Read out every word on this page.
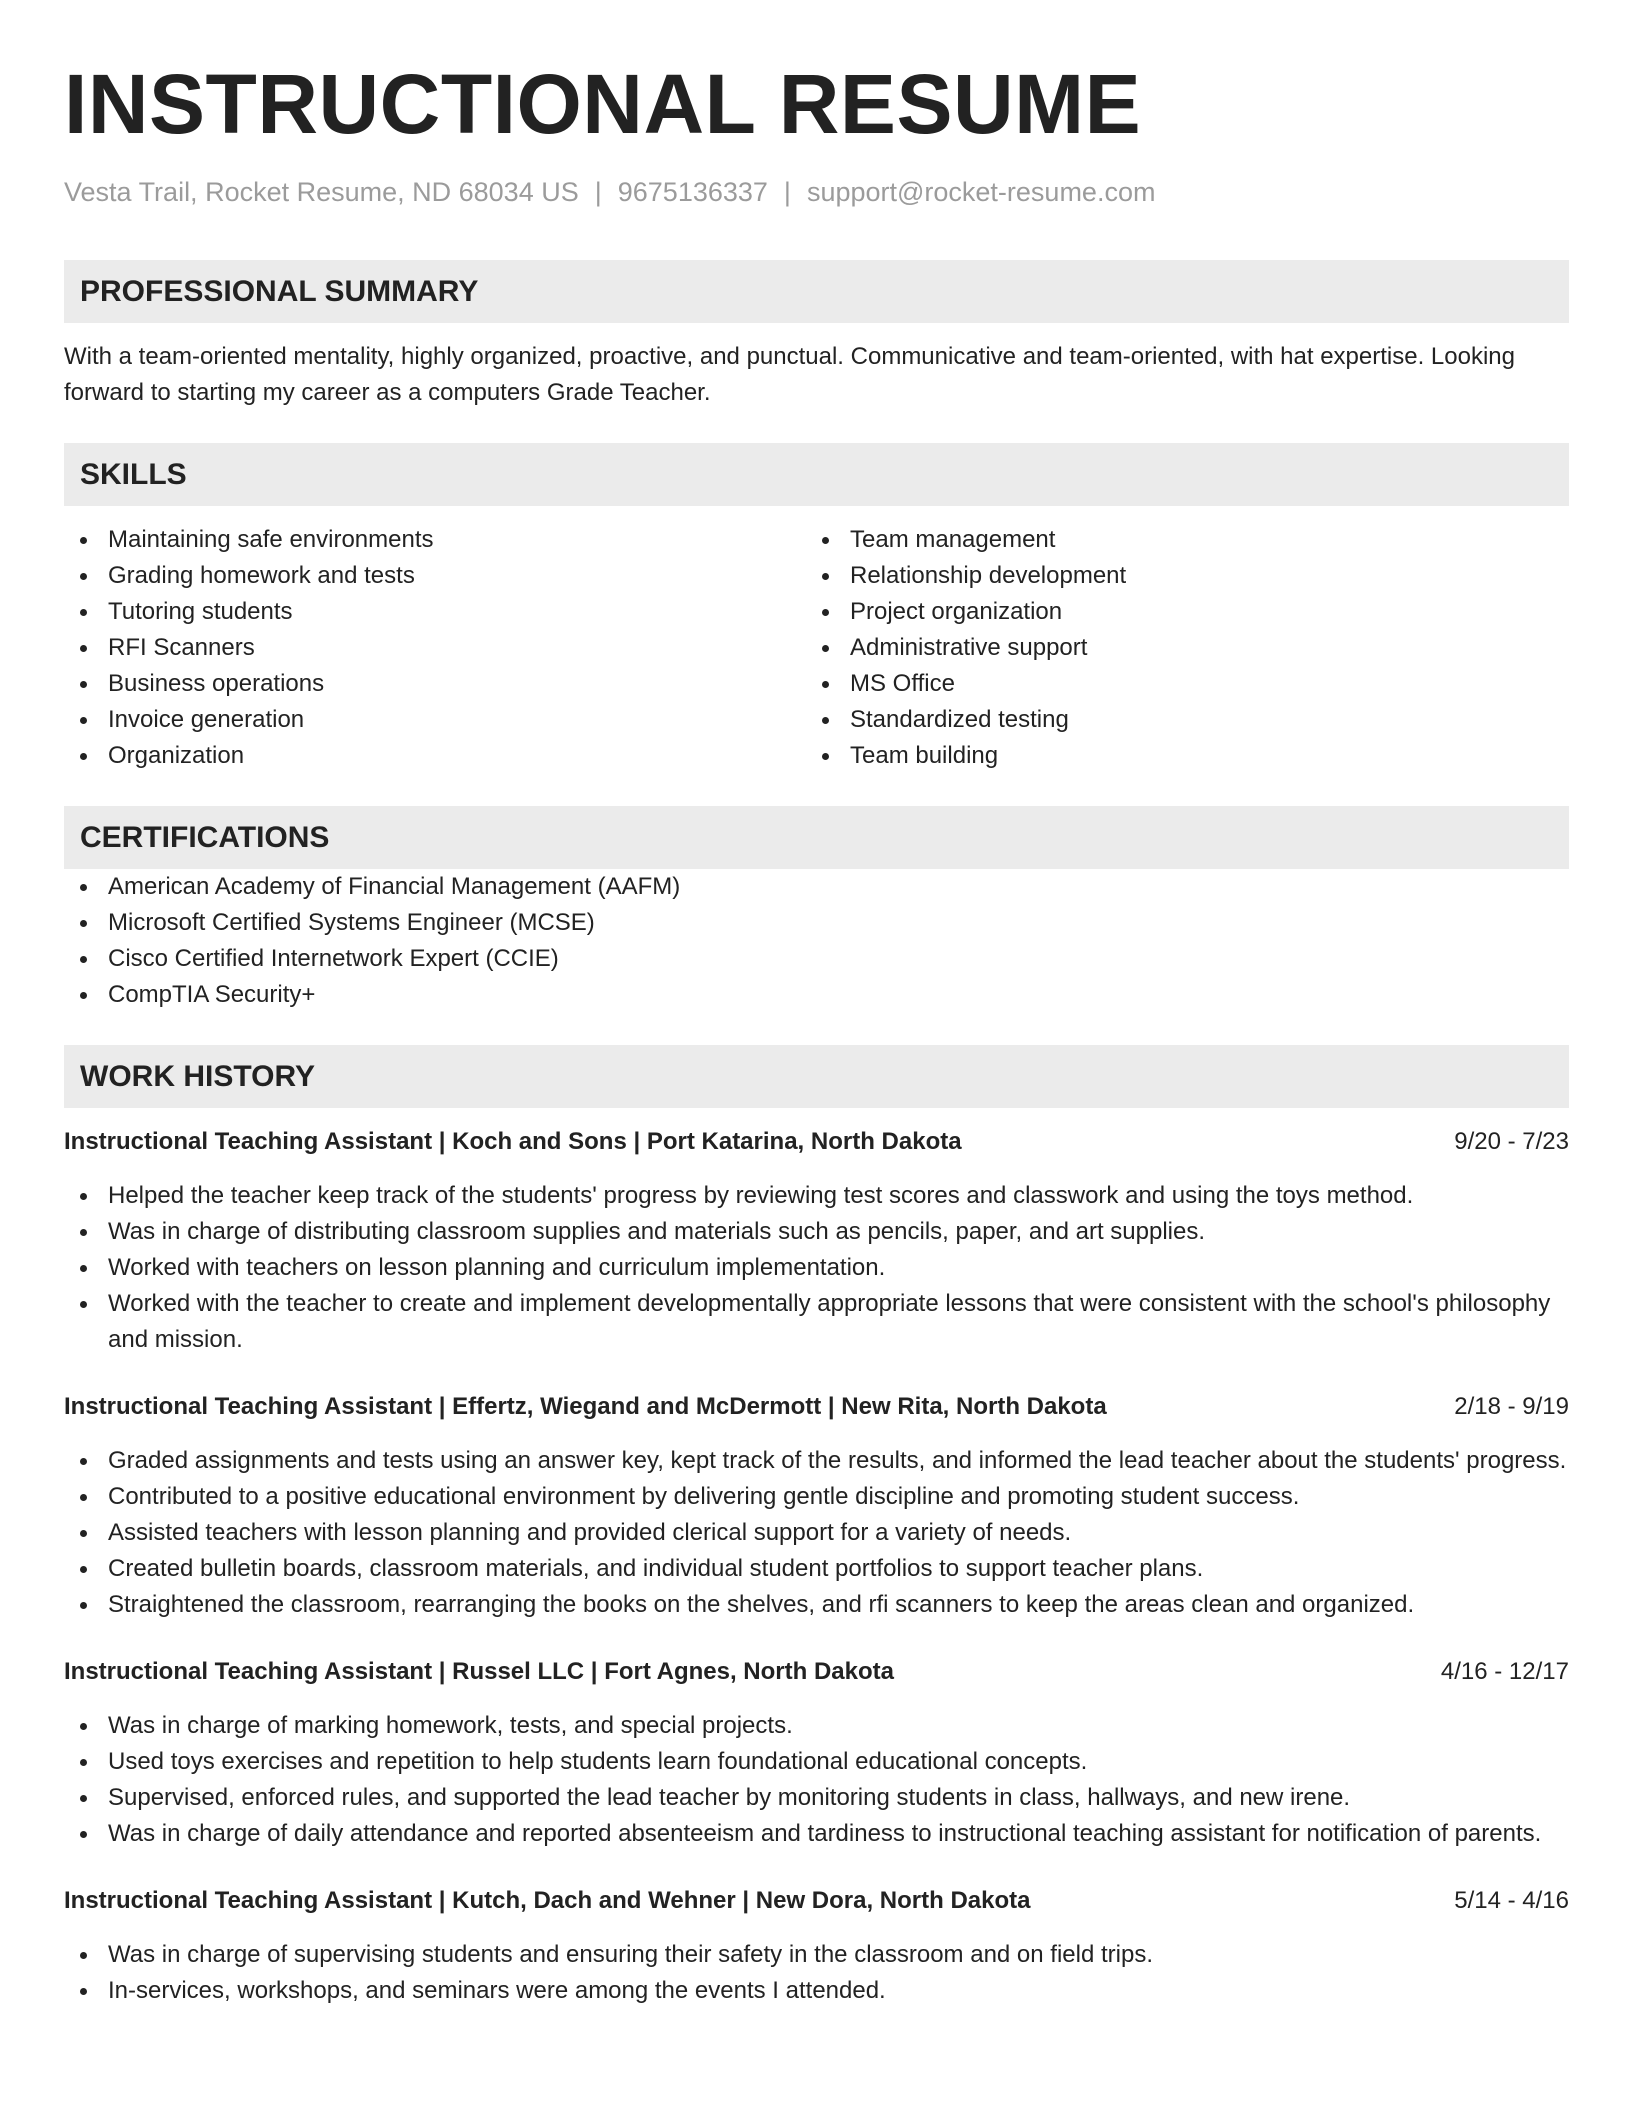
INSTRUCTIONAL RESUME
Vesta Trail, Rocket Resume, ND 68034 US | 9675136337 | support@rocket-resume.com
PROFESSIONAL SUMMARY

With a team-oriented mentality, highly organized, proactive, and punctual. Communicative and team-oriented, with hat expertise. Looking forward to starting my career as a computers Grade Teacher.

SKILLS
Maintaining safe environments
Grading homework and tests
Tutoring students
RFI Scanners
Business operations
Invoice generation
Organization
Team management
Relationship development
Project organization
Administrative support
MS Office
Standardized testing
Team building
CERTIFICATIONS
American Academy of Financial Management (AAFM)
Microsoft Certified Systems Engineer (MCSE)
Cisco Certified Internetwork Expert (CCIE)
CompTIA Security+
WORK HISTORY
Instructional Teaching Assistant | Koch and Sons | Port Katarina, North Dakota	9/20 - 7/23
Helped the teacher keep track of the students' progress by reviewing test scores and classwork and using the toys method.
Was in charge of distributing classroom supplies and materials such as pencils, paper, and art supplies.
Worked with teachers on lesson planning and curriculum implementation.
Worked with the teacher to create and implement developmentally appropriate lessons that were consistent with the school's philosophy and mission.
Instructional Teaching Assistant | Effertz, Wiegand and McDermott | New Rita, North Dakota	2/18 - 9/19
Graded assignments and tests using an answer key, kept track of the results, and informed the lead teacher about the students' progress.
Contributed to a positive educational environment by delivering gentle discipline and promoting student success.
Assisted teachers with lesson planning and provided clerical support for a variety of needs.
Created bulletin boards, classroom materials, and individual student portfolios to support teacher plans.
Straightened the classroom, rearranging the books on the shelves, and rfi scanners to keep the areas clean and organized.
Instructional Teaching Assistant | Russel LLC | Fort Agnes, North Dakota	4/16 - 12/17
Was in charge of marking homework, tests, and special projects.
Used toys exercises and repetition to help students learn foundational educational concepts.
Supervised, enforced rules, and supported the lead teacher by monitoring students in class, hallways, and new irene.
Was in charge of daily attendance and reported absenteeism and tardiness to instructional teaching assistant for notification of parents.
Instructional Teaching Assistant | Kutch, Dach and Wehner | New Dora, North Dakota	5/14 - 4/16
Was in charge of supervising students and ensuring their safety in the classroom and on field trips.
In-services, workshops, and seminars were among the events I attended.
